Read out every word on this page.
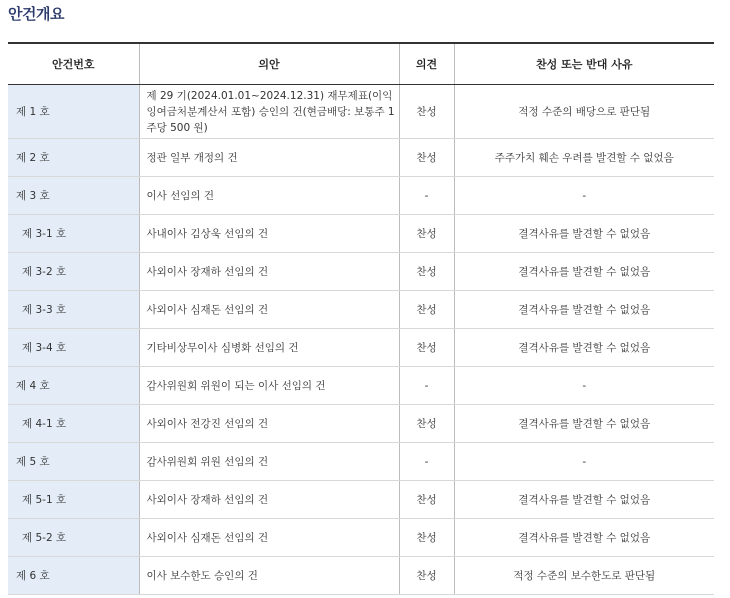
안건개요
안건번호	의안	의견	찬성 또는 반대 사유
제 1 호	제 29 기(2024.01.01~2024.12.31) 재무제표(이익잉여금처분계산서 포함) 승인의 건(현금배당: 보통주 1 주당 500 원)	찬성	적정 수준의 배당으로 판단됨
제 2 호	정관 일부 개정의 건	찬성	주주가치 훼손 우려를 발견할 수 없었음
제 3 호	이사 선임의 건	-	-
제 3-1 호	사내이사 김상욱 선임의 건	찬성	결격사유를 발견할 수 없었음
제 3-2 호	사외이사 장재하 선임의 건	찬성	결격사유를 발견할 수 없었음
제 3-3 호	사외이사 심재돈 선임의 건	찬성	결격사유를 발견할 수 없었음
제 3-4 호	기타비상무이사 심병화 선임의 건	찬성	결격사유를 발견할 수 없었음
제 4 호	감사위원회 위원이 되는 이사 선임의 건	-	-
제 4-1 호	사외이사 전강진 선임의 건	찬성	결격사유를 발견할 수 없었음
제 5 호	감사위원회 위원 선임의 건	-	-
제 5-1 호	사외이사 장재하 선임의 건	찬성	결격사유를 발견할 수 없었음
제 5-2 호	사외이사 심재돈 선임의 건	찬성	결격사유를 발견할 수 없었음
제 6 호	이사 보수한도 승인의 건	찬성	적정 수준의 보수한도로 판단됨
